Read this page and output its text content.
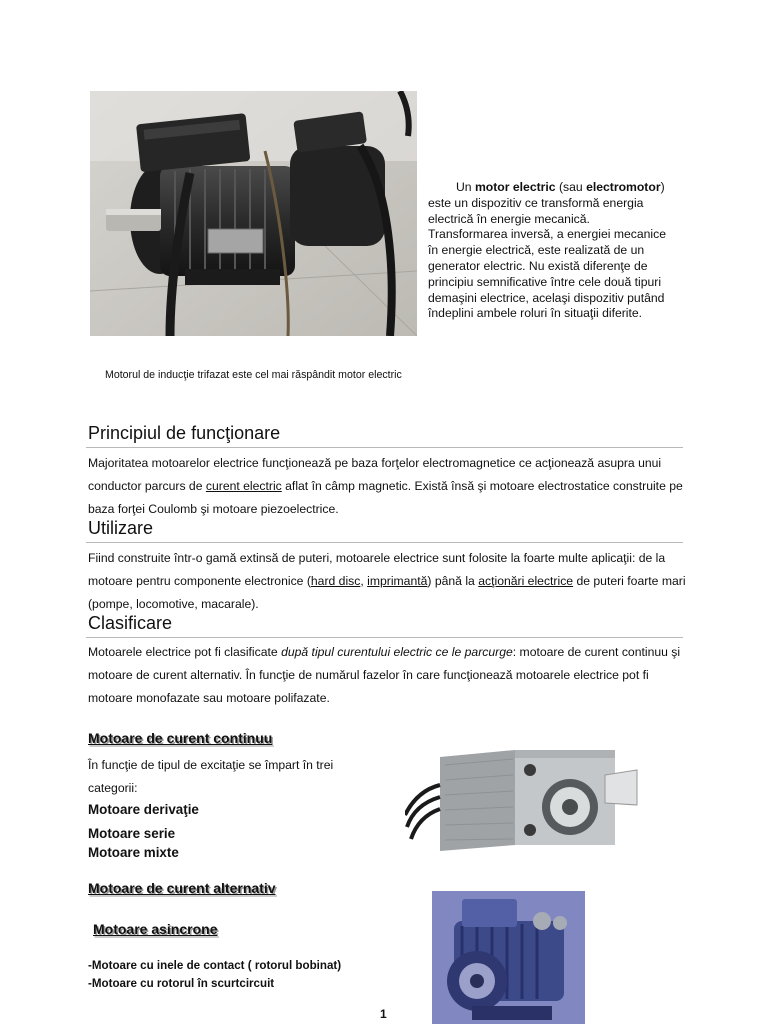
Un motor electric (sau electromotor) este un dispozitiv ce transformă energia electrică în energie mecanică. Transformarea inversă, a energiei mecanice în energie electrică, este realizată de un generator electric. Nu există diferenţe de principiu semnificative între cele două tipuri demaşini electrice, acelaşi dispozitiv putând îndeplini ambele roluri în situaţii diferite.
Motorul de inducţie trifazat este cel mai răspândit motor electric
Principiul de funcţionare
Majoritatea motoarelor electrice funcţionează pe baza forţelor electromagnetice ce acţionează asupra unui conductor parcurs de curent electric aflat în câmp magnetic. Există însă şi motoare electrostatice construite pe baza forţei Coulomb şi motoare piezoelectrice.
Utilizare
Fiind construite într-o gamă extinsă de puteri, motoarele electrice sunt folosite la foarte multe aplicaţii: de la motoare pentru componente electronice (hard disc, imprimantă) până la acţionări electrice de puteri foarte mari (pompe, locomotive, macarale).
Clasificare
Motoarele electrice pot fi clasificate după tipul curentului electric ce le parcurge: motoare de curent continuu şi motoare de curent alternativ. În funcţie de numărul fazelor în care funcţionează motoarele electrice pot fi motoare monofazate sau motoare polifazate.
Motoare de curent continuu
În funcţie de tipul de excitaţie se împart în trei categorii:
Motoare derivaţie
Motoare serie
Motoare mixte
Motoare de curent alternativ
Motoare asincrone
-Motoare cu inele de contact ( rotorul bobinat)
-Motoare cu rotorul în scurtcircuit
1
